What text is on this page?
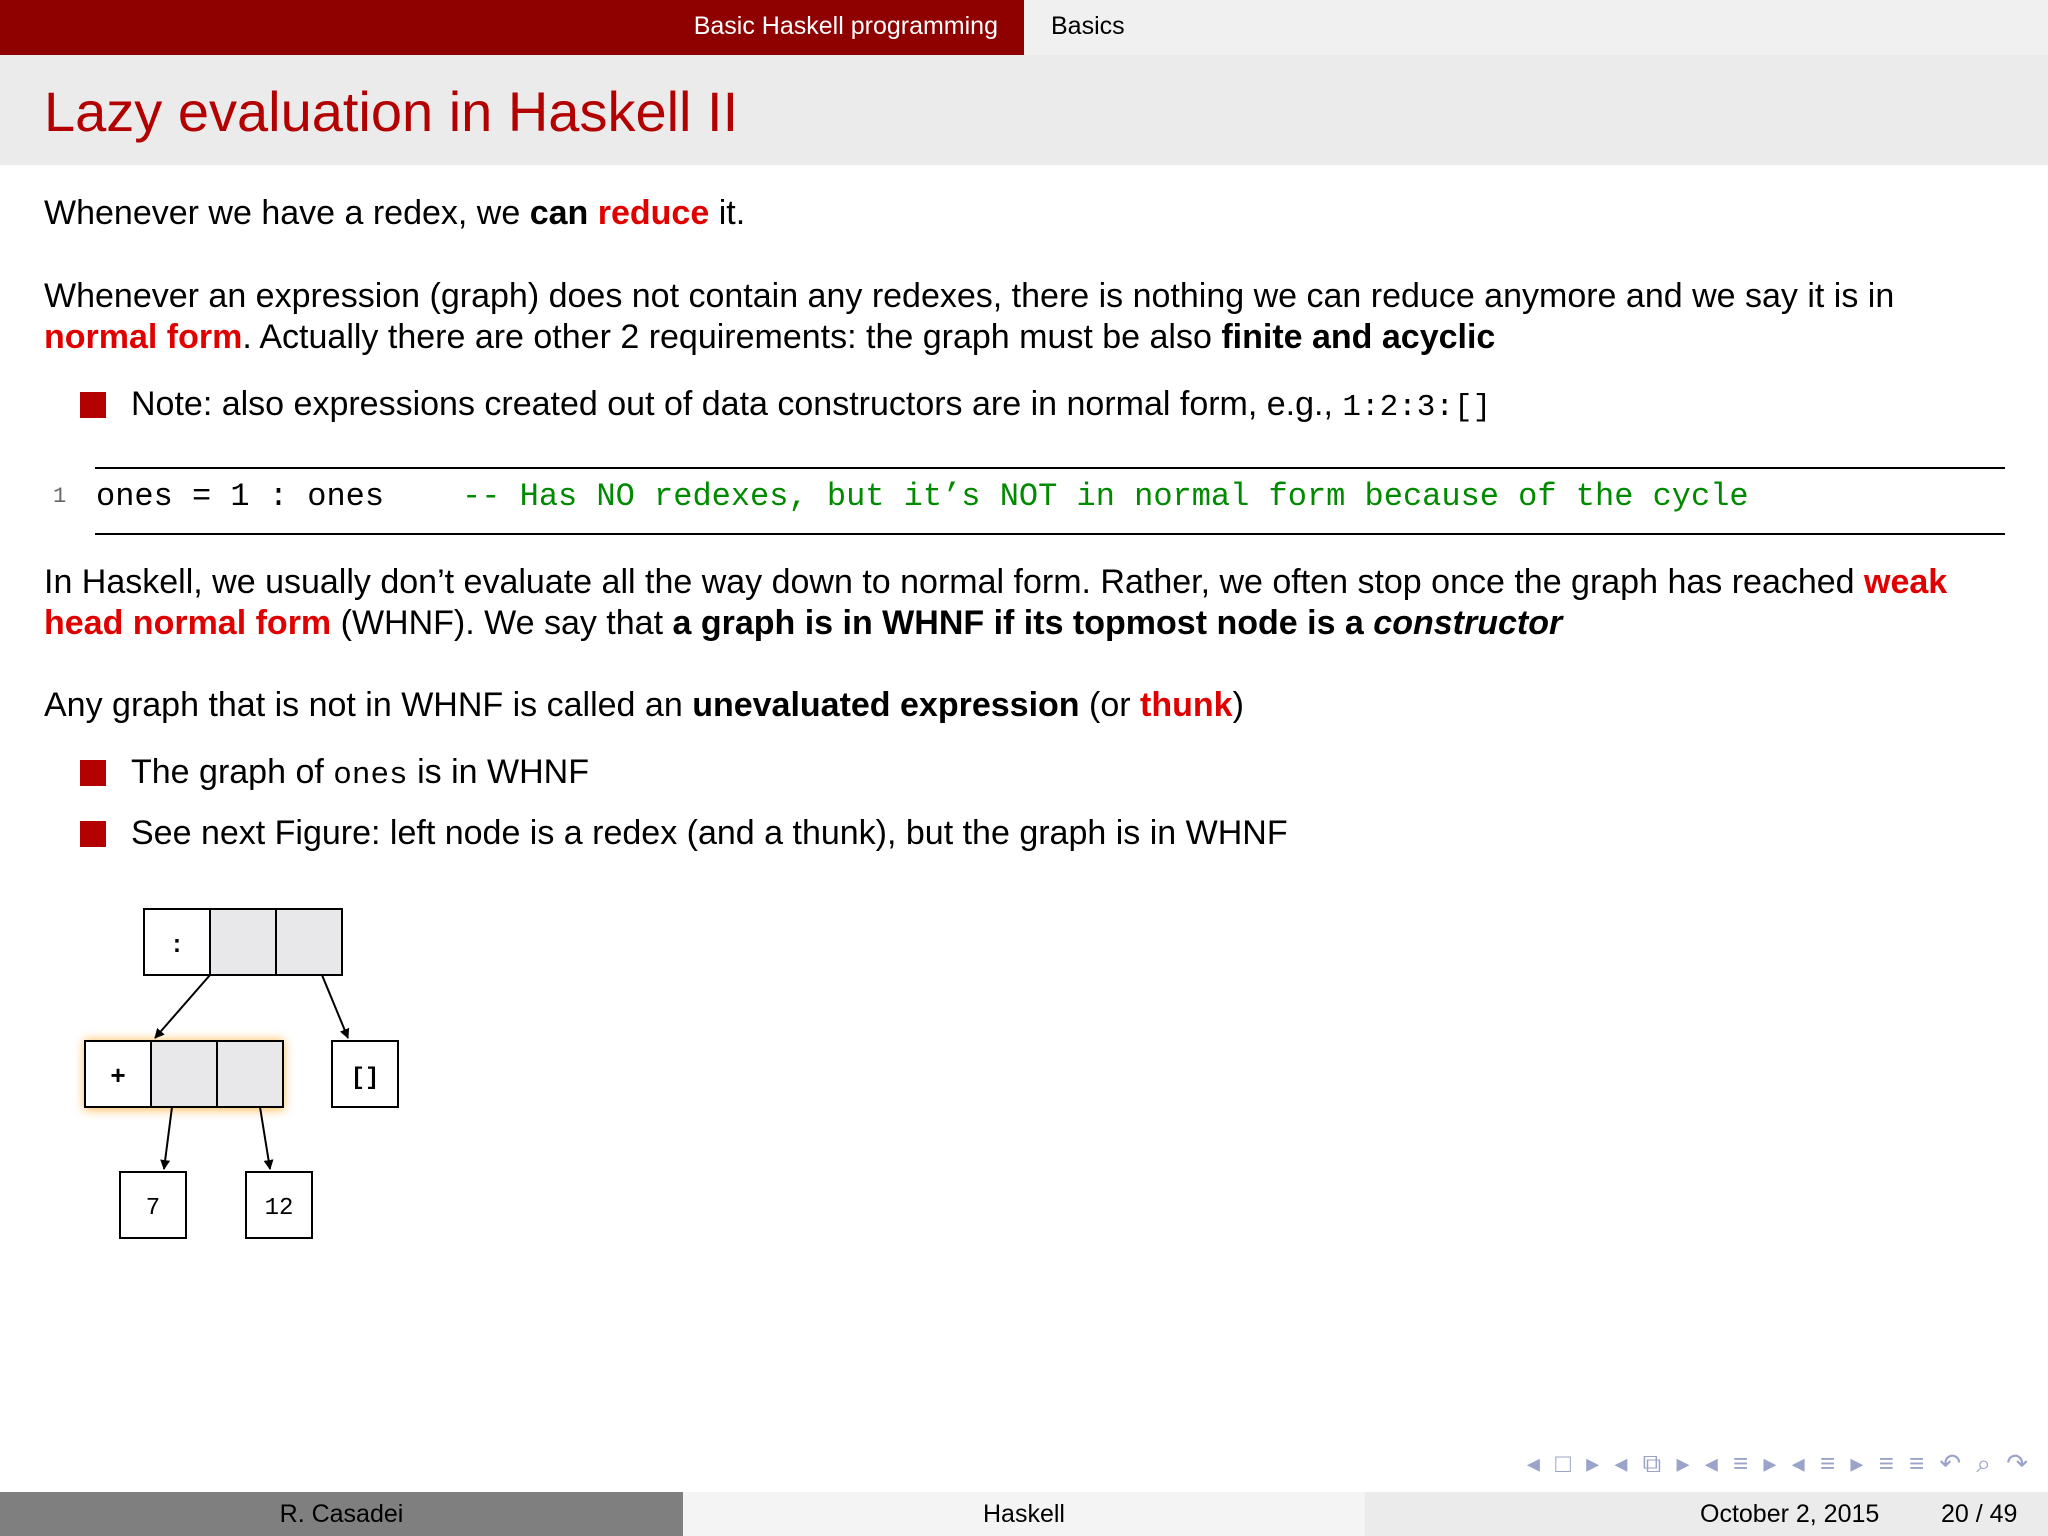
Basic Haskell programming Basics
Lazy evaluation in Haskell II
Whenever we have a redex, we can reduce it.
Whenever an expression (graph) does not contain any redexes, there is nothing we can reduce anymore and we say it is in normal form. Actually there are other 2 requirements: the graph must be also finite and acyclic
Note: also expressions created out of data constructors are in normal form, e.g., 1:2:3:[]
1 ones = 1 : ones -- Has NO redexes, but it’s NOT in normal form because of the cycle
In Haskell, we usually don’t evaluate all the way down to normal form. Rather, we often stop once the graph has reached weak head normal form (WHNF). We say that a graph is in WHNF if its topmost node is a constructor
Any graph that is not in WHNF is called an unevaluated expression (or thunk)
The graph of ones is in WHNF
See next Figure: left node is a redex (and a thunk), but the graph is in WHNF
:
+	[]
7	12
◂ □ ▸ ◂ ⧉ ▸ ◂ ≡ ▸ ◂ ≡ ▸ ≡ ≡ ↶ ⌕ ↷
R. Casadei	Haskell	October 2, 2015 20 / 49
